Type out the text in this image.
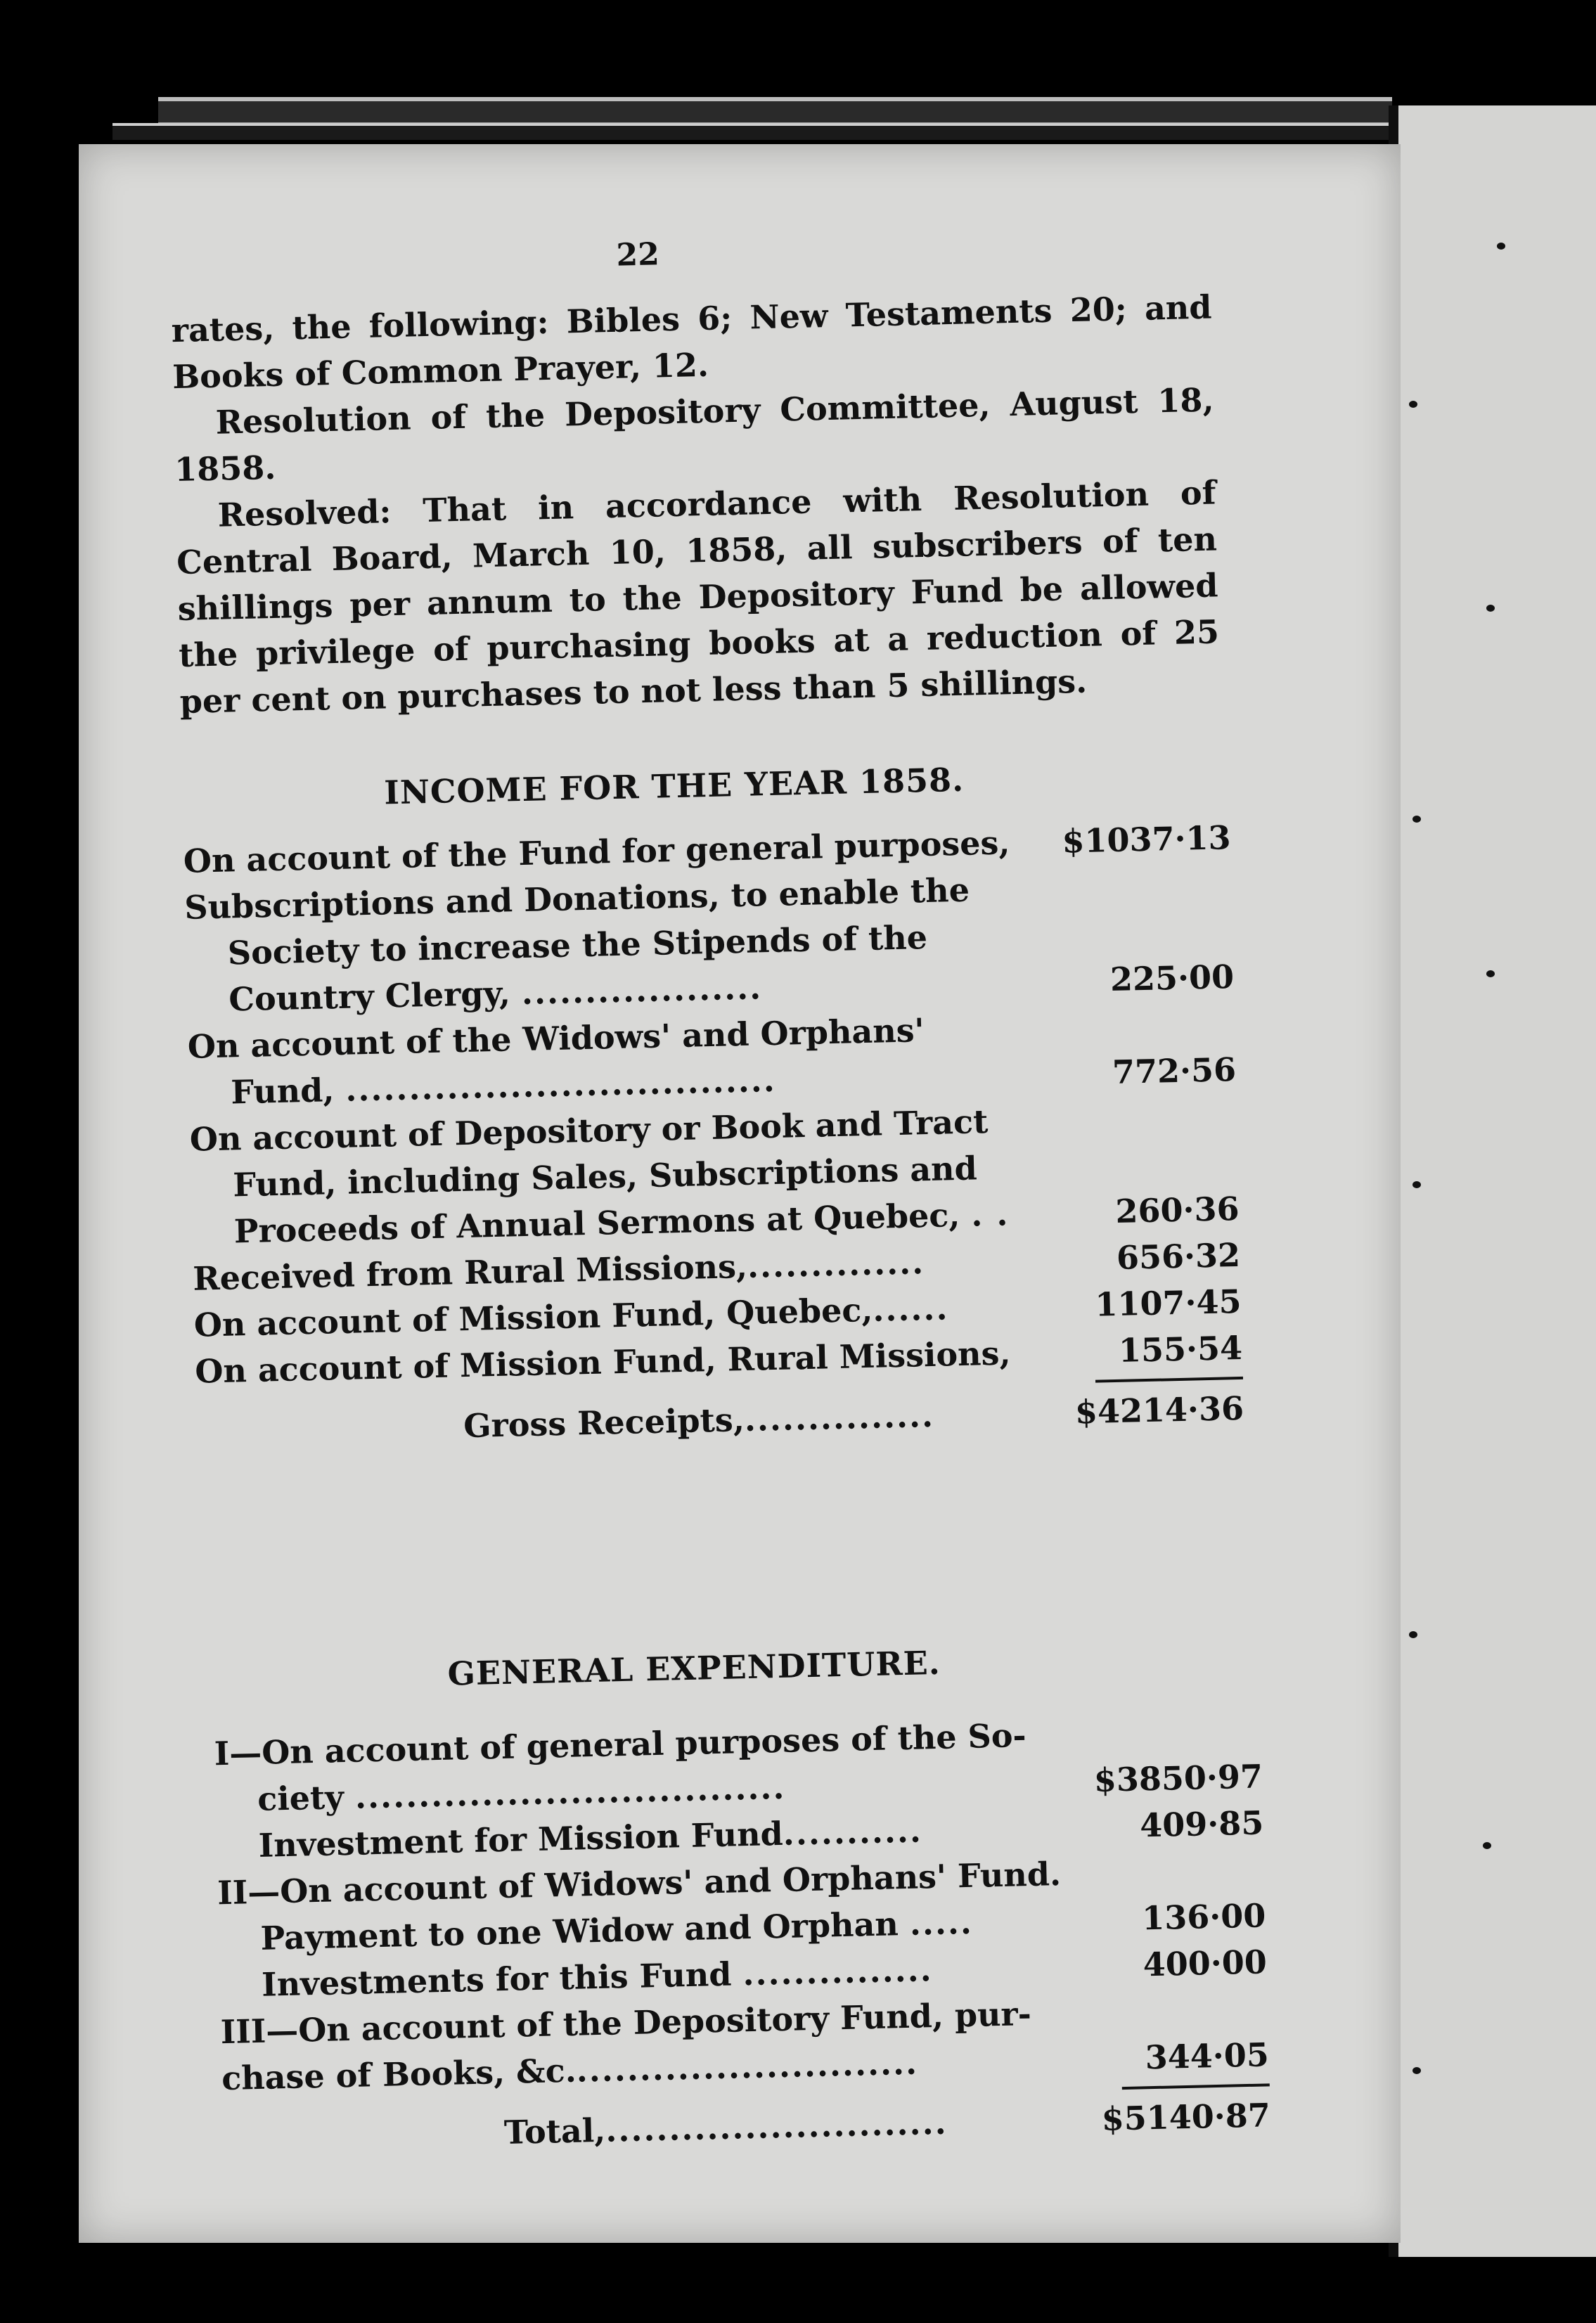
22
rates, the following: Bibles 6; New Testaments 20; and Books of Common Prayer, 12.
Resolution of the Depository Committee, August 18, 1858.
Resolved: That in accordance with Resolution of Central Board, March 10, 1858, all subscribers of ten shillings per annum to the Depository Fund be allowed the privilege of purchasing books at a reduction of 25 per cent on purchases to not less than 5 shillings.
INCOME FOR THE YEAR 1858.
On account of the Fund for general purposes,	$1037·13
Subscriptions and Donations, to enable the
Society to increase the Stipends of the
Country Clergy, ...................	225·00
On account of the Widows' and Orphans'
Fund, ..................................	772·56
On account of Depository or Book and Tract
Fund, including Sales, Subscriptions and
Proceeds of Annual Sermons at Quebec, . .	260·36
Received from Rural Missions,..............	656·32
On account of Mission Fund, Quebec,......	1107·45
On account of Mission Fund, Rural Missions,	155·54
Gross Receipts,...............	$4214·36
GENERAL EXPENDITURE.
I—On account of general purposes of the So-
ciety ..................................	$3850·97
Investment for Mission Fund...........	409·85
II—On account of Widows' and Orphans' Fund.
Payment to one Widow and Orphan .....	136·00
Investments for this Fund ...............	400·00
III—On account of the Depository Fund, pur-
chase of Books, &c............................	344·05
Total,...........................	$5140·87
